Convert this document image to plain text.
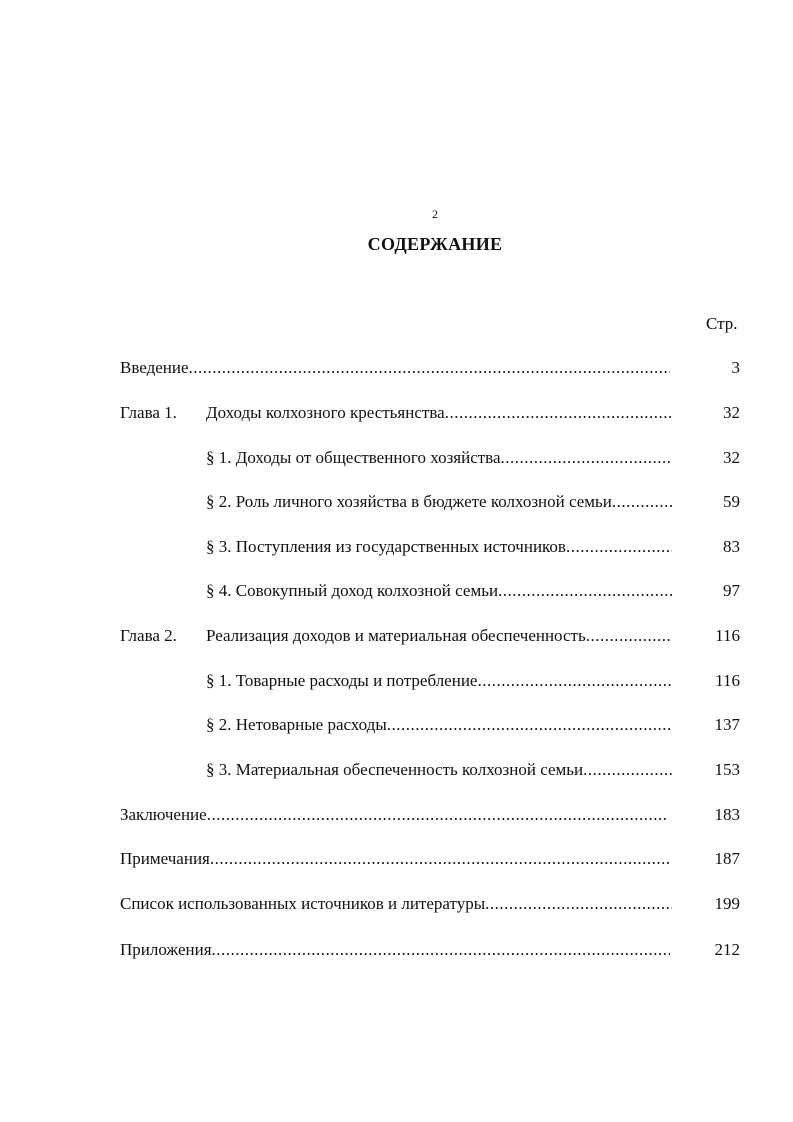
2
СОДЕРЖАНИЕ
Стр.
Введение .....	3
Глава 1. Доходы колхозного крестьянства .....	32
§ 1. Доходы от общественного хозяйства .....	32
§ 2. Роль личного хозяйства в бюджете колхозной семьи .....	59
§ 3. Поступления из государственных источников .....	83
§ 4. Совокупный доход колхозной семьи .....	97
Глава 2. Реализация доходов и материальная обеспеченность .....	116
§ 1. Товарные расходы и потребление .....	116
§ 2. Нетоварные расходы .....	137
§ 3. Материальная обеспеченность колхозной семьи .....	153
Заключение .....	183
Примечания .....	187
Список использованных источников и литературы .....	199
Приложения .....	212
